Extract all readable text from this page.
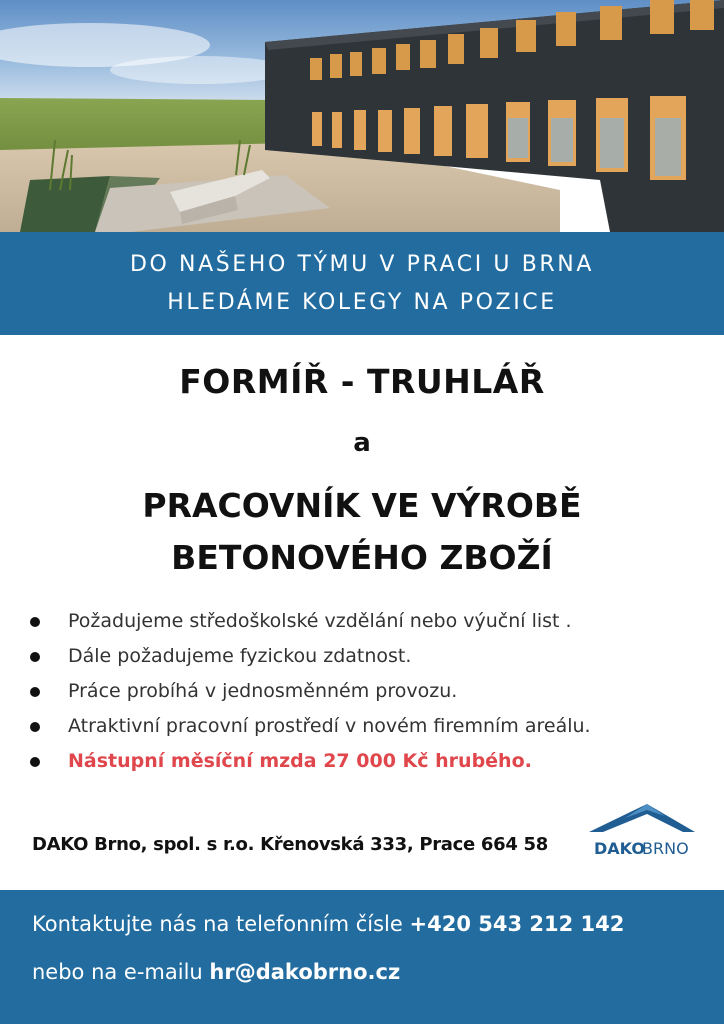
DO NAŠEHO TÝMU V PRACI U BRNA
HLEDÁME KOLEGY NA POZICE
FORMÍŘ - TRUHLÁŘ
a
PRACOVNÍK VE VÝROBĚ
BETONOVÉHO ZBOŽÍ
Požadujeme středoškolské vzdělání nebo výuční list .
Dále požadujeme fyzickou zdatnost.
Práce probíhá v jednosměnném provozu.
Atraktivní pracovní prostředí v novém firemním areálu.
Nástupní měsíční mzda 27 000 Kč hrubého.
DAKO Brno, spol. s r.o. Křenovská 333, Prace 664 58	DAKO
BRNO
Kontaktujte nás na telefonním čísle +420 543 212 142
nebo na e-mailu hr@dakobrno.cz
